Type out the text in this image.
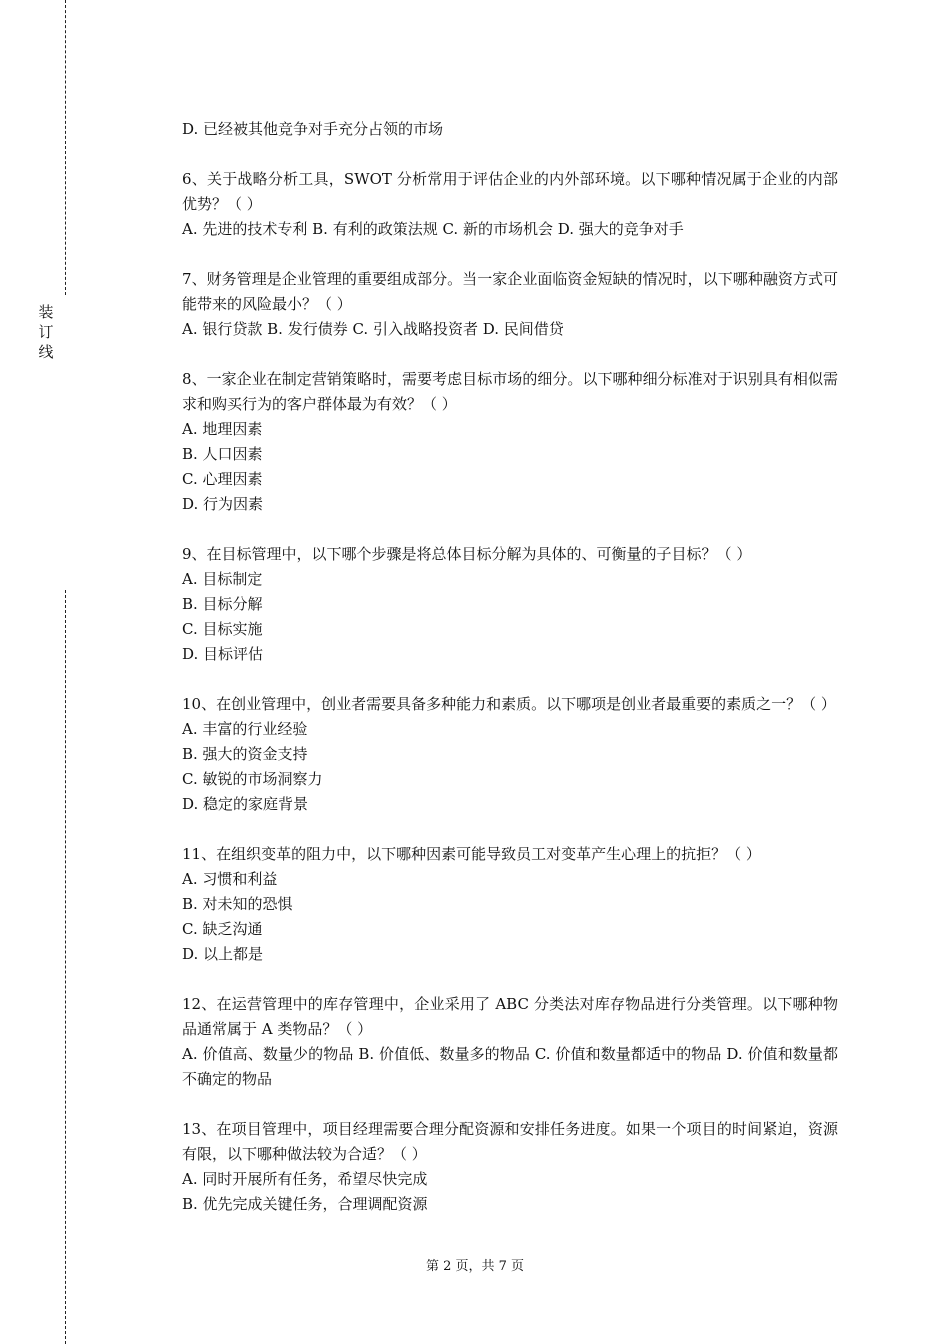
装
订
线

D. 已经被其他竞争对手充分占领的市场

6、关于战略分析工具，SWOT 分析常用于评估企业的内外部环境。以下哪种情况属于企业的内部优势？（ ）

A. 先进的技术专利 B. 有利的政策法规 C. 新的市场机会 D. 强大的竞争对手

7、财务管理是企业管理的重要组成部分。当一家企业面临资金短缺的情况时，以下哪种融资方式可能带来的风险最小？（ ）

A. 银行贷款 B. 发行债券 C. 引入战略投资者 D. 民间借贷

8、一家企业在制定营销策略时，需要考虑目标市场的细分。以下哪种细分标准对于识别具有相似需求和购买行为的客户群体最为有效？（ ）

A. 地理因素

B. 人口因素

C. 心理因素

D. 行为因素

9、在目标管理中，以下哪个步骤是将总体目标分解为具体的、可衡量的子目标？（ ）

A. 目标制定

B. 目标分解

C. 目标实施

D. 目标评估

10、在创业管理中，创业者需要具备多种能力和素质。以下哪项是创业者最重要的素质之一？（ ）

A. 丰富的行业经验

B. 强大的资金支持

C. 敏锐的市场洞察力

D. 稳定的家庭背景

11、在组织变革的阻力中，以下哪种因素可能导致员工对变革产生心理上的抗拒？（ ）

A. 习惯和利益

B. 对未知的恐惧

C. 缺乏沟通

D. 以上都是

12、在运营管理中的库存管理中，企业采用了 ABC 分类法对库存物品进行分类管理。以下哪种物品通常属于 A 类物品？（ ）

A. 价值高、数量少的物品 B. 价值低、数量多的物品 C. 价值和数量都适中的物品 D. 价值和数量都不确定的物品

13、在项目管理中，项目经理需要合理分配资源和安排任务进度。如果一个项目的时间紧迫，资源有限，以下哪种做法较为合适？（ ）

A. 同时开展所有任务，希望尽快完成

B. 优先完成关键任务，合理调配资源

第 2 页，共 7 页
